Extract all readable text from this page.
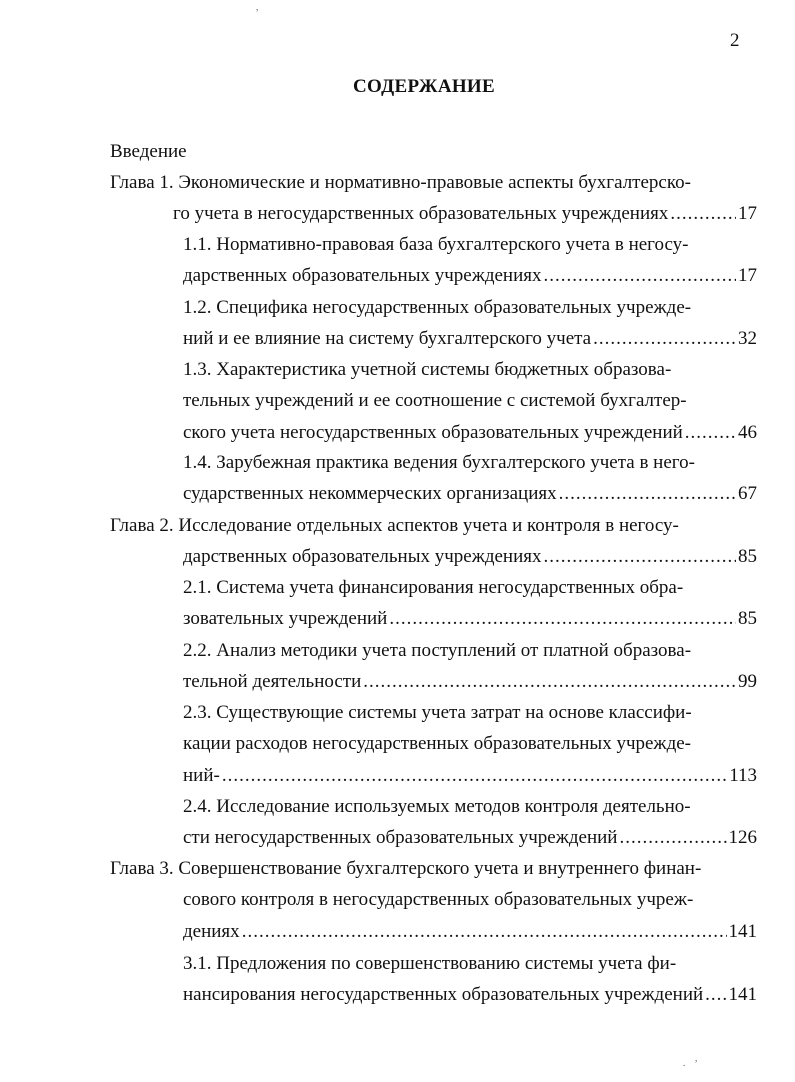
2
СОДЕРЖАНИЕ
Введение
Глава 1. Экономические и нормативно-правовые аспекты бухгалтерско-
го учета в негосударственных образовательных учреждениях .....	17
1.1. Нормативно-правовая база бухгалтерского учета в негосу-
дарственных образовательных учреждениях .....	17
1.2. Специфика негосударственных образовательных учрежде-
ний и ее влияние на систему бухгалтерского учета .....	32
1.3. Характеристика учетной системы бюджетных образова-
тельных учреждений и ее соотношение с системой бухгалтер-
ского учета негосударственных образовательных учреждений .....	46
1.4. Зарубежная практика ведения бухгалтерского учета в него-
сударственных некоммерческих организациях .....	67
Глава 2. Исследование отдельных аспектов учета и контроля в негосу-
дарственных образовательных учреждениях .....	85
2.1. Система учета финансирования негосударственных обра-
зовательных учреждений .....	85
2.2. Анализ методики учета поступлений от платной образова-
тельной деятельности .....	99
2.3. Существующие системы учета затрат на основе классифи-
кации расходов негосударственных образовательных учрежде-
ний- .....	113
2.4. Исследование используемых методов контроля деятельно-
сти негосударственных образовательных учреждений .....	126
Глава 3. Совершенствование бухгалтерского учета и внутреннего финан-
сового контроля в негосударственных образовательных учреж-
дениях .....	141
3.1. Предложения по совершенствованию системы учета фи-
нансирования негосударственных образовательных учреждений ..... 141
,
. ,
